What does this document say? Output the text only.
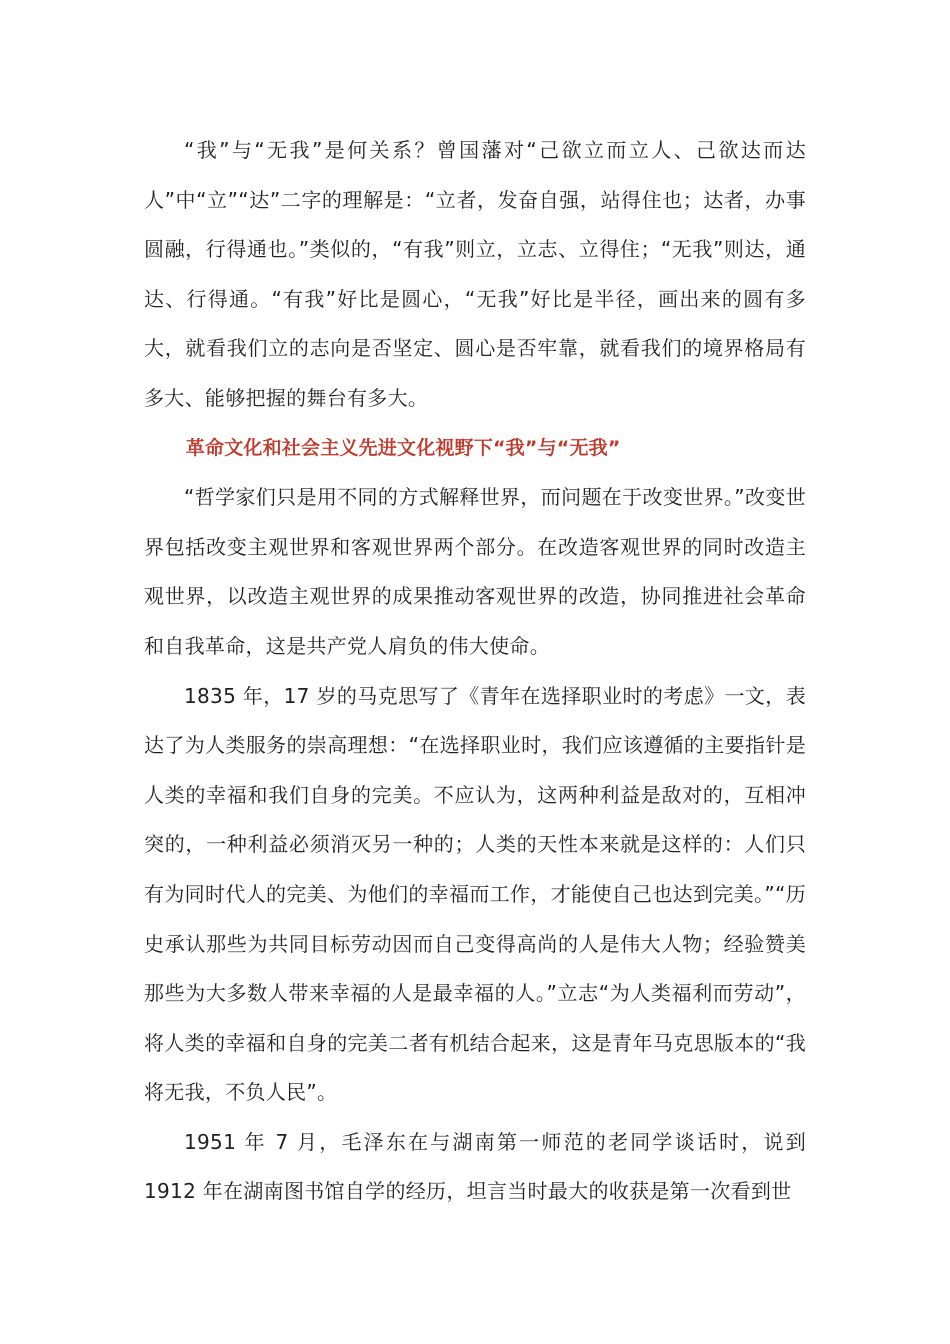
“我”与“无我”是何关系？曾国藩对“己欲立而立人、己欲达而达人”中“立”“达”二字的理解是：“立者，发奋自强，站得住也；达者，办事圆融，行得通也。”类似的，“有我”则立，立志、立得住；“无我”则达，通达、行得通。“有我”好比是圆心，“无我”好比是半径，画出来的圆有多大，就看我们立的志向是否坚定、圆心是否牢靠，就看我们的境界格局有多大、能够把握的舞台有多大。

革命文化和社会主义先进文化视野下“我”与“无我”

“哲学家们只是用不同的方式解释世界，而问题在于改变世界。”改变世界包括改变主观世界和客观世界两个部分。在改造客观世界的同时改造主观世界，以改造主观世界的成果推动客观世界的改造，协同推进社会革命和自我革命，这是共产党人肩负的伟大使命。

1835 年，17 岁的马克思写了《青年在选择职业时的考虑》一文，表达了为人类服务的崇高理想：“在选择职业时，我们应该遵循的主要指针是人类的幸福和我们自身的完美。不应认为，这两种利益是敌对的，互相冲突的，一种利益必须消灭另一种的；人类的天性本来就是这样的：人们只有为同时代人的完美、为他们的幸福而工作，才能使自己也达到完美。”“历史承认那些为共同目标劳动因而自己变得高尚的人是伟大人物；经验赞美那些为大多数人带来幸福的人是最幸福的人。”立志“为人类福利而劳动”，将人类的幸福和自身的完美二者有机结合起来，这是青年马克思版本的“我将无我，不负人民”。

1951 年 7 月，毛泽东在与湖南第一师范的老同学谈话时，说到 1912 年在湖南图书馆自学的经历，坦言当时最大的收获是第一次看到世
